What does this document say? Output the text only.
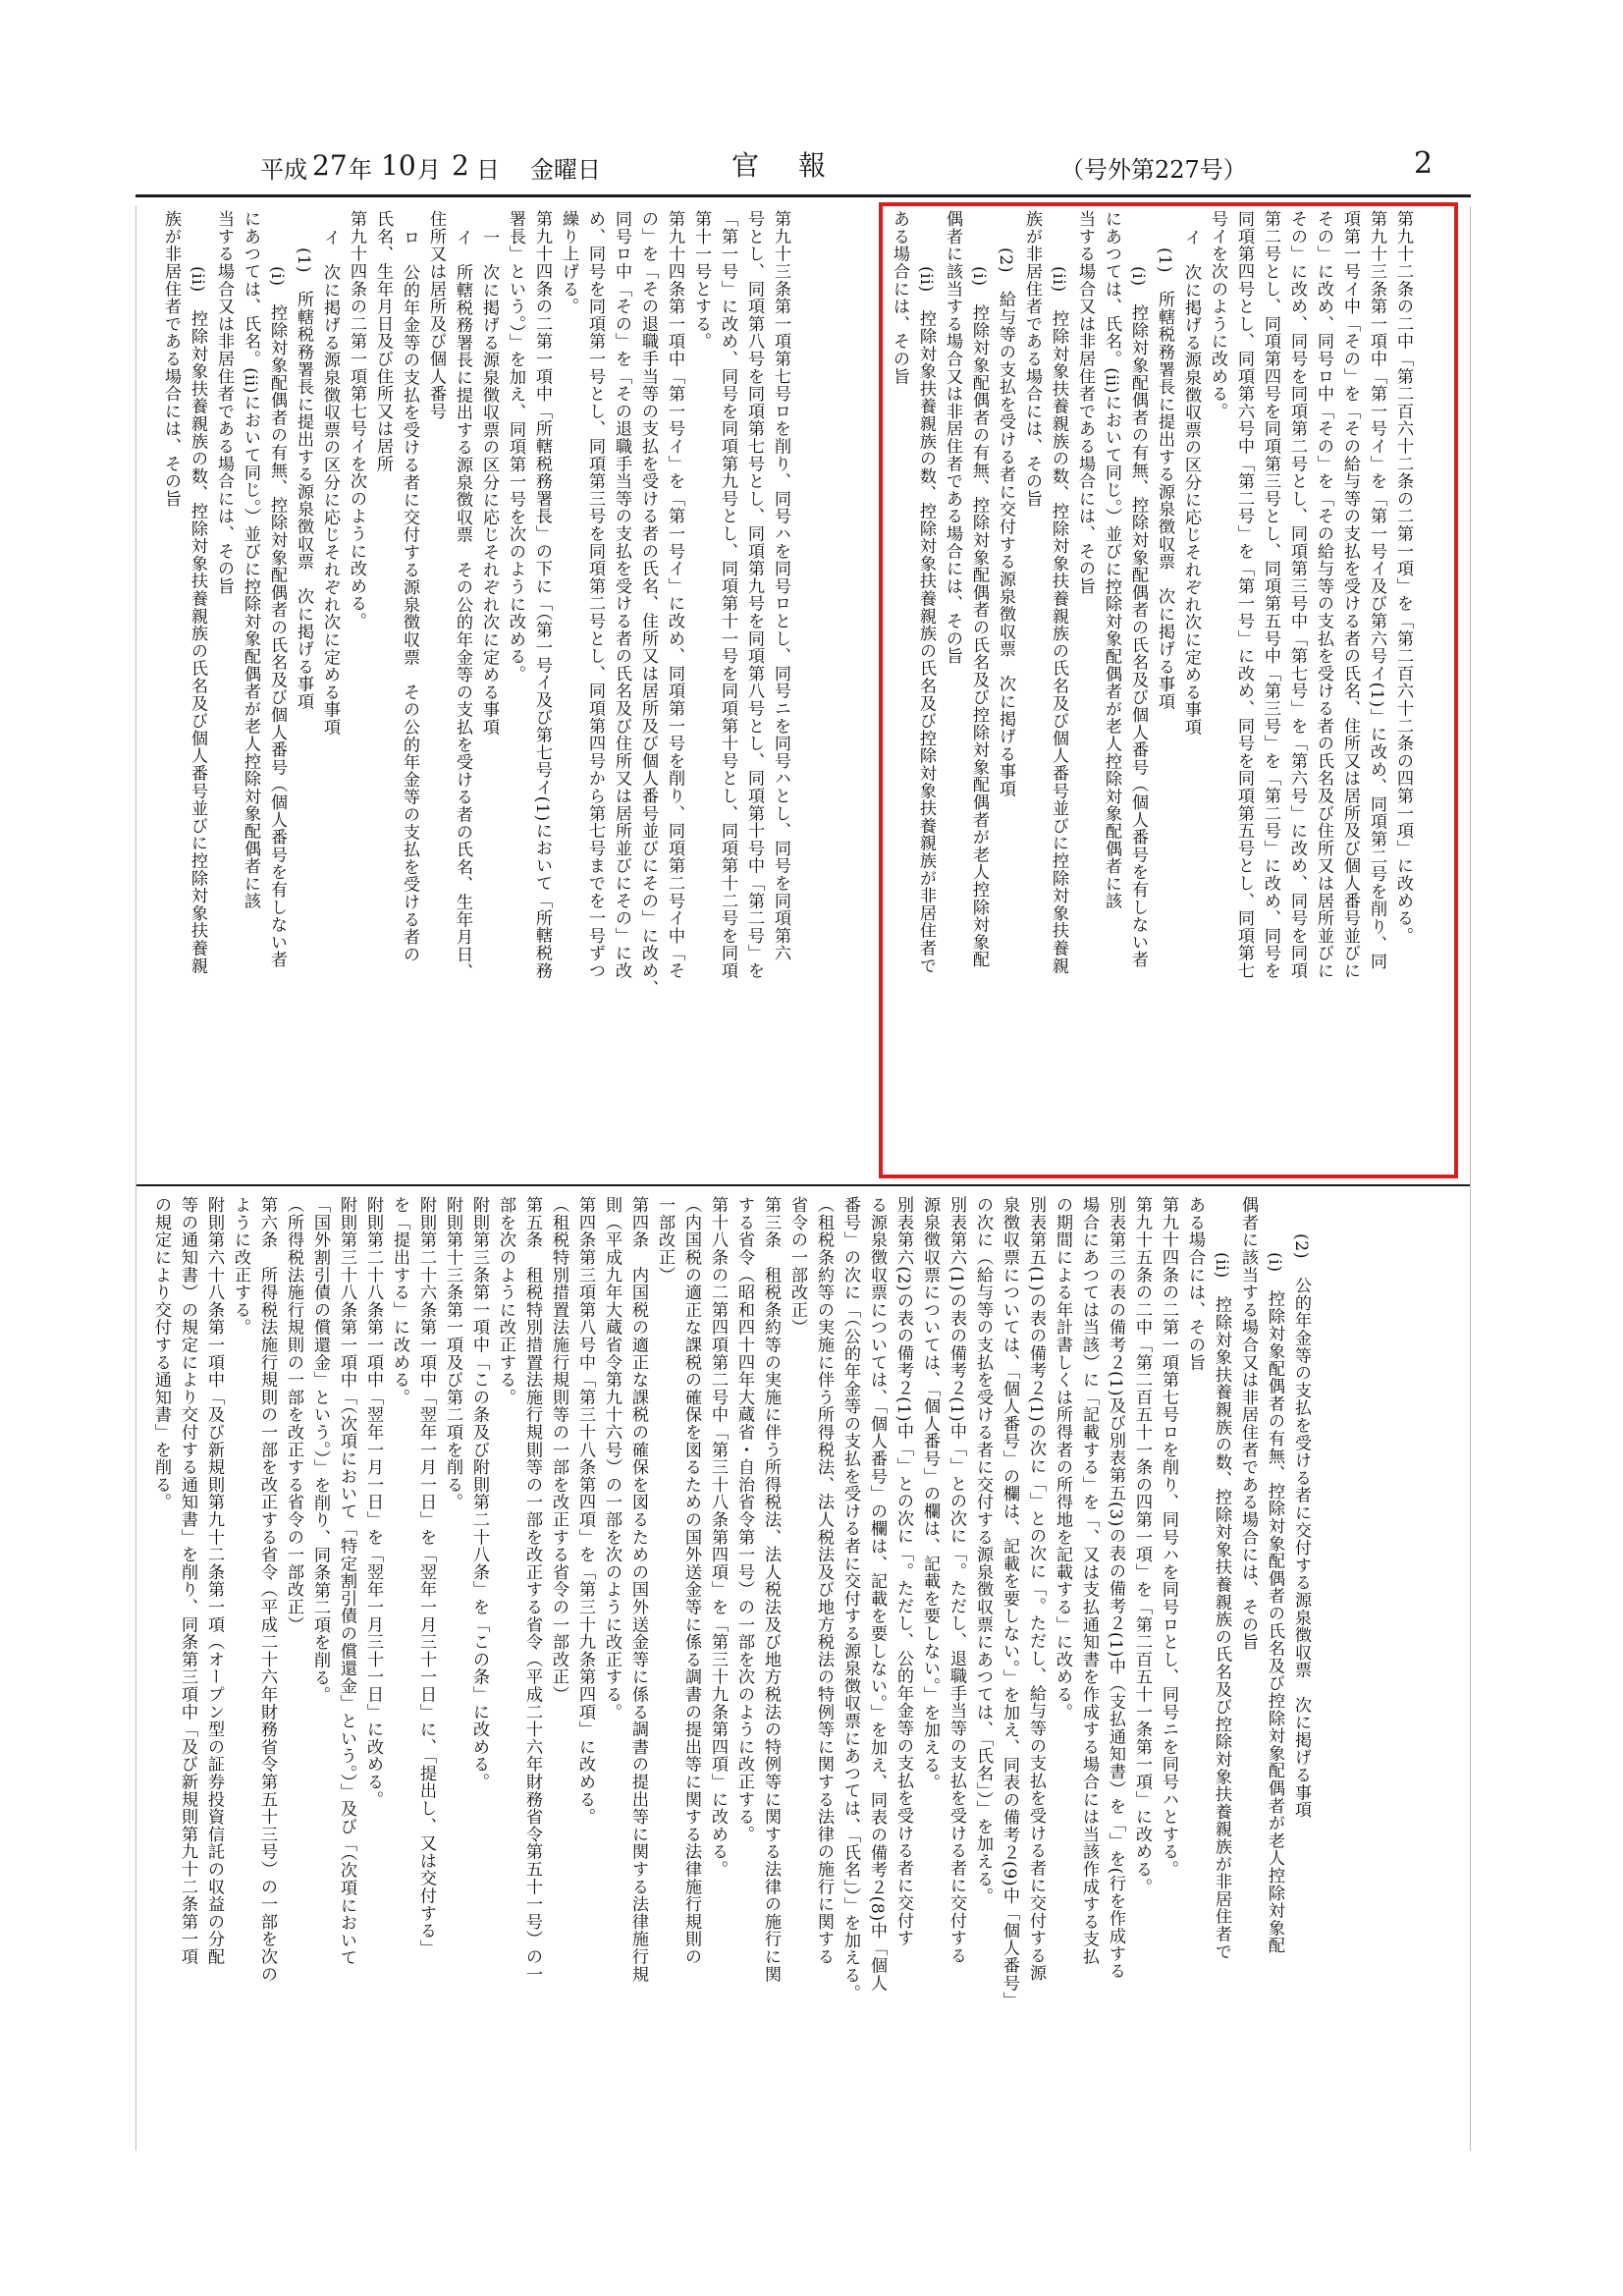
平成 27 年 10 月 2 日 金曜日	官報	（号外第227号）	2

第九十二条の二中「第二百六十二条の二第一項」を「第二百六十二条の四第一項」に改める。

第九十三条第一項中「第一号イ」を「第一号イ及び第六号イ(1)」に改め、同項第二号を削り、同

項第一号イ中「その」を「その給与等の支払を受ける者の氏名、住所又は居所及び個人番号並びに

その」に改め、同号ロ中「その」を「その給与等の支払を受ける者の氏名及び住所又は居所並びに

その」に改め、同号を同項第二号とし、同項第三号中「第七号」を「第六号」に改め、同号を同項

第二号とし、同項第四号を同項第三号とし、同項第五号中「第三号」を「第二号」に改め、同号を

同項第四号とし、同項第六号中「第二号」を「第一号」に改め、同号を同項第五号とし、同項第七

号イを次のように改める。

イ　次に掲げる源泉徴収票の区分に応じそれぞれ次に定める事項

(1)　所轄税務署長に提出する源泉徴収票　次に掲げる事項

(i)　控除対象配偶者の有無、控除対象配偶者の氏名及び個人番号（個人番号を有しない者

にあつては、氏名。(ii)において同じ。）並びに控除対象配偶者が老人控除対象配偶者に該

当する場合又は非居住者である場合には、その旨

(ii)　控除対象扶養親族の数、控除対象扶養親族の氏名及び個人番号並びに控除対象扶養親

族が非居住者である場合には、その旨

(2)　給与等の支払を受ける者に交付する源泉徴収票　次に掲げる事項

(i)　控除対象配偶者の有無、控除対象配偶者の氏名及び控除対象配偶者が老人控除対象配

偶者に該当する場合又は非居住者である場合には、その旨

(ii)　控除対象扶養親族の数、控除対象扶養親族の氏名及び控除対象扶養親族が非居住者で

ある場合には、その旨

第九十三条第一項第七号ロを削り、同号ハを同号ロとし、同号ニを同号ハとし、同号を同項第六

号とし、同項第八号を同項第七号とし、同項第九号を同項第八号とし、同項第十号中「第二号」を

「第一号」に改め、同号を同項第九号とし、同項第十一号を同項第十号とし、同項第十二号を同項

第十一号とする。

第九十四条第一項中「第一号イ」を「第一号イ」に改め、同項第一号を削り、同項第二号イ中「そ

の」を「その退職手当等の支払を受ける者の氏名、住所又は居所及び個人番号並びにその」に改め、

同号ロ中「その」を「その退職手当等の支払を受ける者の氏名及び住所又は居所並びにその」に改

め、同号を同項第一号とし、同項第三号を同項第二号とし、同項第四号から第七号までを一号ずつ

繰り上げる。

第九十四条の二第一項中「所轄税務署長」の下に「（第一号イ及び第七号イ(1)において「所轄税務

署長」という。）」を加え、同項第一号を次のように改める。

一　次に掲げる源泉徴収票の区分に応じそれぞれ次に定める事項

イ　所轄税務署長に提出する源泉徴収票　その公的年金等の支払を受ける者の氏名、生年月日、

住所又は居所及び個人番号

ロ　公的年金等の支払を受ける者に交付する源泉徴収票　その公的年金等の支払を受ける者の

氏名、生年月日及び住所又は居所

第九十四条の二第一項第七号イを次のように改める。

イ　次に掲げる源泉徴収票の区分に応じそれぞれ次に定める事項

(1)　所轄税務署長に提出する源泉徴収票　次に掲げる事項

(i)　控除対象配偶者の有無、控除対象配偶者の氏名及び個人番号（個人番号を有しない者

にあつては、氏名。(ii)において同じ。）並びに控除対象配偶者が老人控除対象配偶者に該

当する場合又は非居住者である場合には、その旨

(ii)　控除対象扶養親族の数、控除対象扶養親族の氏名及び個人番号並びに控除対象扶養親

族が非居住者である場合には、その旨

(2)　公的年金等の支払を受ける者に交付する源泉徴収票　次に掲げる事項

(i)　控除対象配偶者の有無、控除対象配偶者の氏名及び控除対象配偶者が老人控除対象配

偶者に該当する場合又は非居住者である場合には、その旨

(ii)　控除対象扶養親族の数、控除対象扶養親族の氏名及び控除対象扶養親族が非居住者で

ある場合には、その旨

第九十四条の二第一項第七号ロを削り、同号ハを同号ロとし、同号ニを同号ハとする。

第九十五条の二中「第二百五十一条の四第一項」を「第二百五十一条第一項」に改める。

別表第三の表の備考２(1)及び別表第五(3)の表の備考２(1)中（支払通知書）を「」を(行を作成する

場合にあつては当該）に「記載する」を「、又は支払通知書を作成する場合には当該作成する支払

の期間による年計書しくは所得者の所得地を記載する」に改める。

別表第五(1)の表の備考２(1)の次に「」との次に「。ただし、給与等の支払を受ける者に交付する源

泉徴収票については、「個人番号」の欄は、記載を要しない。」を加え、同表の備考２(9)中「個人番号」

の次に（給与等の支払を受ける者に交付する源泉徴収票にあつては、「氏名」）」を加える。

別表第六(1)の表の備考２(1)中「」との次に「。ただし、退職手当等の支払を受ける者に交付する

源泉徴収票については、「個人番号」の欄は、記載を要しない。」を加える。

別表第六(2)の表の備考２(1)中「」との次に「。ただし、公的年金等の支払を受ける者に交付す

る源泉徴収票については、「個人番号」の欄は、記載を要しない。」を加え、同表の備考２(8)中「個人

番号」の次に「（公的年金等の支払を受ける者に交付する源泉徴収票にあつては、「氏名」）」を加える。

（租税条約等の実施に伴う所得税法、法人税法及び地方税法の特例等に関する法律の施行に関する

省令の一部改正）

第三条　租税条約等の実施に伴う所得税法、法人税法及び地方税法の特例等に関する法律の施行に関

する省令（昭和四十四年大蔵省・自治省令第一号）の一部を次のように改正する。

第十八条の二第四項第二号中「第三十八条第四項」を「第三十九条第四項」に改める。

（内国税の適正な課税の確保を図るための国外送金等に係る調書の提出等に関する法律施行規則の

一部改正）

第四条　内国税の適正な課税の確保を図るための国外送金等に係る調書の提出等に関する法律施行規

則（平成九年大蔵省令第九十六号）の一部を次のように改正する。

第四条第三項第八号中「第三十八条第四項」を「第三十九条第四項」に改める。

（租税特別措置法施行規則等の一部を改正する省令の一部改正）

第五条　租税特別措置法施行規則等の一部を改正する省令（平成二十六年財務省令第五十一号）の一

部を次のように改正する。

附則第三条第一項中「この条及び附則第二十八条」を「この条」に改める。

附則第十三条第一項及び第二項を削る。

附則第二十六条第一項中「翌年一月一日」を「翌年一月三十一日」に、「提出し、又は交付する」

を「提出する」に改める。

附則第二十八条第一項中「翌年一月一日」を「翌年一月三十一日」に改める。

附則第三十八条第一項中「（次項において「特定割引債の償還金」という。）」及び「（次項において

「国外割引債の償還金」という。）」を削り、同条第二項を削る。

（所得税法施行規則の一部を改正する省令の一部改正）

第六条　所得税法施行規則の一部を改正する省令（平成二十六年財務省令第五十三号）の一部を次の

ように改正する。

附則第六十八条第一項中「及び新規則第九十二条第一項（オープン型の証券投資信託の収益の分配

等の通知書）の規定により交付する通知書」を削り、同条第三項中「及び新規則第九十二条第一項

の規定により交付する通知書」を削る。
